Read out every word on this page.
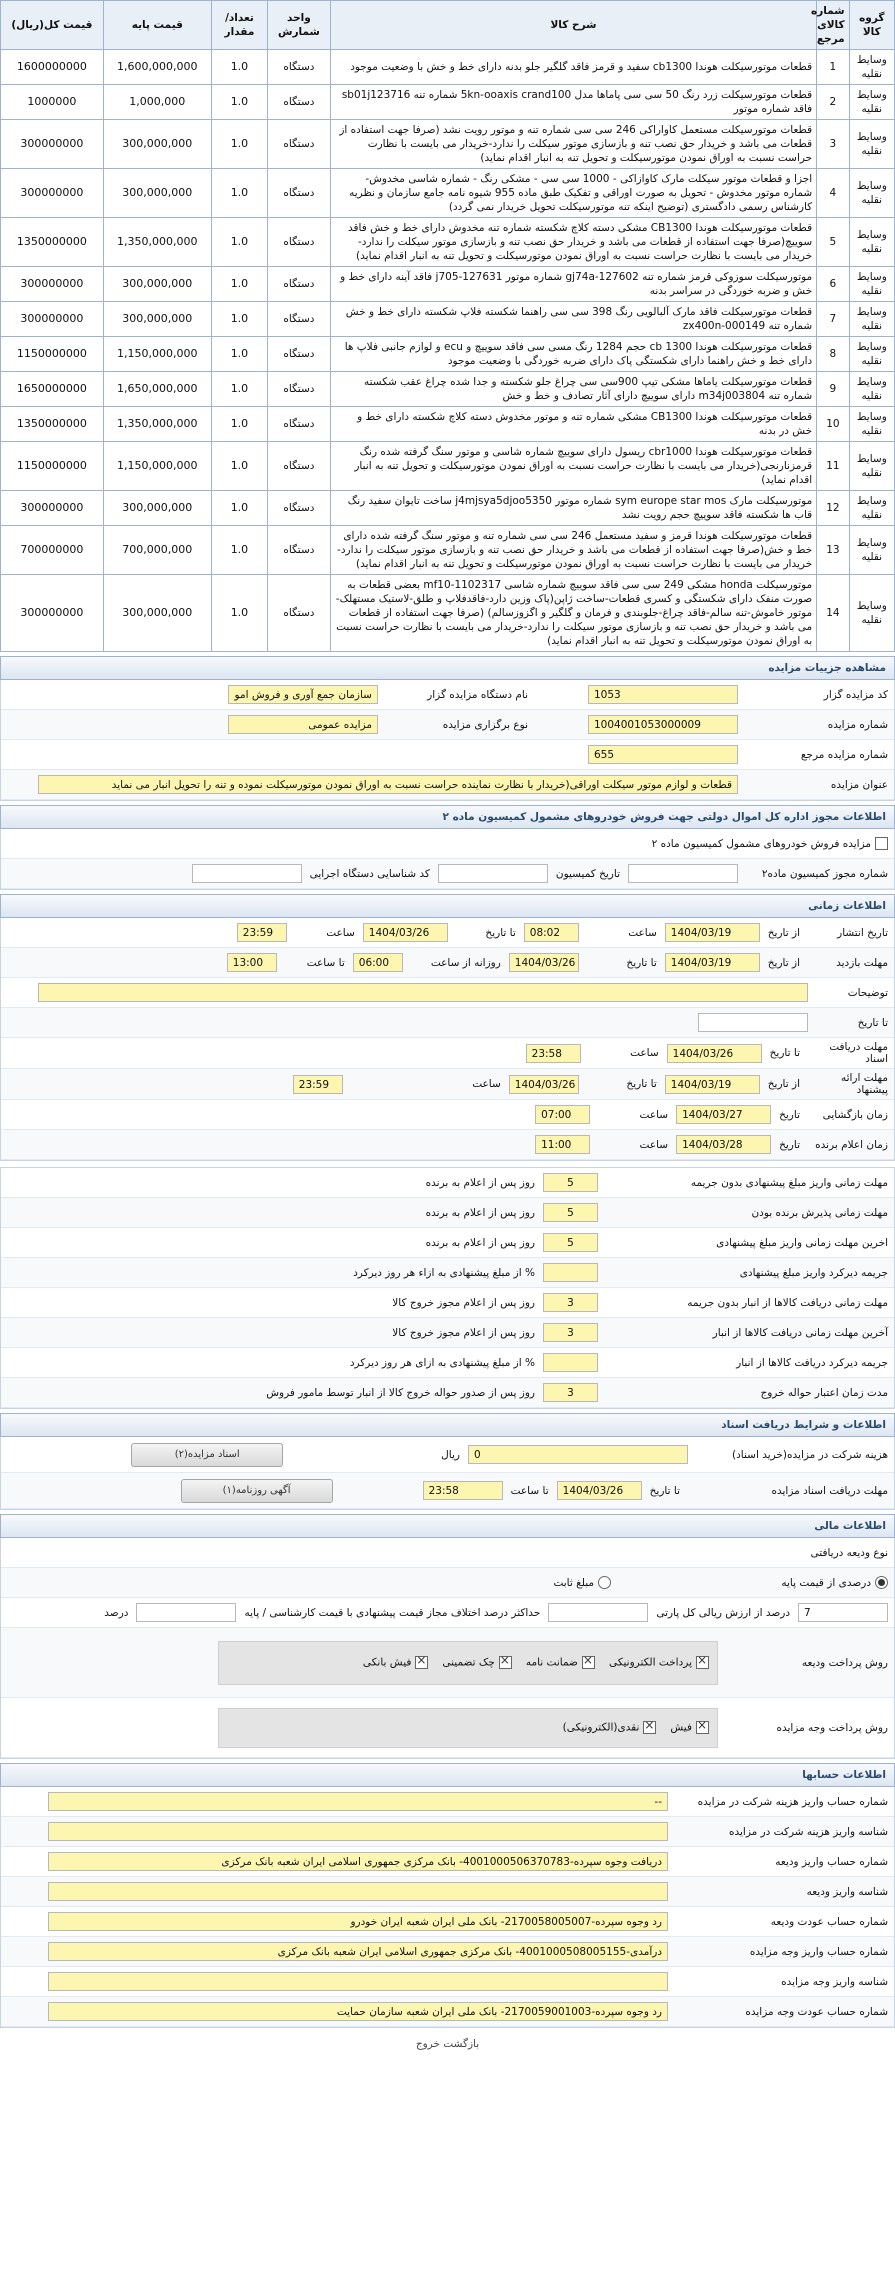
گروه کالا	شماره کالای مرجع	شرح کالا	واحد شمارش	تعداد/مقدار	قیمت پایه	قیمت کل(ریال)
وسایط نقلیه	1	قطعات موتورسیکلت هوندا cb1300 سفید و قرمز فاقد گلگیر جلو بدنه دارای خط و خش با وضعیت موجود	دستگاه	1.0	1,600,000,000	1600000000
وسایط نقلیه	2	قطعات موتورسیکلت زرد رنگ 50 سی سی پاماها مدل 5kn-ooaxis crand100 شماره تنه sb01j123716 فاقد شماره موتور	دستگاه	1.0	1,000,000	1000000
وسایط نقلیه	3	قطعات موتورسیکلت مستعمل کاواراکی 246 سی سی شماره تنه و موتور رویت نشد (صرفا جهت استفاده از قطعات می باشد و خریدار حق نصب تنه و بازسازی موتور سیکلت را ندارد-خریدار می بایست با نظارت حراست نسبت به اوراق نمودن موتورسیکلت و تحویل تنه به انبار اقدام نماید)	دستگاه	1.0	300,000,000	300000000
وسایط نقلیه	4	اجزا و قطعات موتور سیکلت مارک کاوازاکی - 1000 سی سی - مشکی رنگ - شماره شاسی مخدوش- شماره موتور مخدوش - تحویل به صورت اوراقی و تفکیک طبق ماده 955 شیوه نامه جامع سازمان و نظریه کارشناس رسمی دادگستری (توضیح اینکه تنه موتورسیکلت تحویل خریدار نمی گردد)	دستگاه	1.0	300,000,000	300000000
وسایط نقلیه	5	قطعات موتورسیکلت هوندا CB1300 مشکی دسته کلاچ شکسته شماره تنه مخدوش دارای خط و خش فاقد سوییچ(صرفا جهت استفاده از قطعات می باشد و خریدار حق نصب تنه و بازسازی موتور سیکلت را ندارد-خریدار می بایست با نظارت حراست نسبت به اوراق نمودن موتورسیکلت و تحویل تنه به انبار اقدام نماید)	دستگاه	1.0	1,350,000,000	1350000000
وسایط نقلیه	6	موتورسیکلت سوزوکی قرمز شماره تنه gj74a-127602 شماره موتور j705-127631 فاقد آینه دارای خط و خش و ضربه خوردگی در سراسر بدنه	دستگاه	1.0	300,000,000	300000000
وسایط نقلیه	7	قطعات موتورسیکلت فاقد مارک آلبالویی رنگ 398 سی سی راهنما شکسته فلاپ شکسته دارای خط و خش شماره تنه zx400n-000149	دستگاه	1.0	300,000,000	300000000
وسایط نقلیه	8	قطعات موتورسیکلت هوندا cb 1300 حجم 1284 رنگ مسی سی فاقد سوییچ و ecu و لوازم جانبی فلاپ ها دارای خط و خش راهنما دارای شکستگی پاک دارای ضربه خوردگی با وضعیت موجود	دستگاه	1.0	1,150,000,000	1150000000
وسایط نقلیه	9	قطعات موتورسیکلت یاماها مشکی تیپ 900سی سی چراغ جلو شکسته و جدا شده چراغ عقب شکسته شماره تنه m34j003804 دارای سوییچ دارای آثار تصادف و خط و خش	دستگاه	1.0	1,650,000,000	1650000000
وسایط نقلیه	10	قطعات موتورسیکلت هوندا CB1300 مشکی شماره تنه و موتور مخدوش دسته کلاچ شکسته دارای خط و خش در بدنه	دستگاه	1.0	1,350,000,000	1350000000
وسایط نقلیه	11	قطعات موتورسیکلت هوندا cbr1000 ریسول دارای سوییچ شماره شاسی و موتور سنگ گرفته شده رنگ قرمزنارنجی(خریدار می بایست با نظارت حراست نسبت به اوراق نمودن موتورسیکلت و تحویل تنه به انبار اقدام نماید)	دستگاه	1.0	1,150,000,000	1150000000
وسایط نقلیه	12	موتورسیکلت مارک sym europe star mos شماره موتور j4mjsya5djoo5350 ساخت تایوان سفید رنگ قاب ها شکسته فاقد سوییچ حجم رویت نشد	دستگاه	1.0	300,000,000	300000000
وسایط نقلیه	13	قطعات موتورسیکلت هوندا قرمز و سفید مستعمل 246 سی سی شماره تنه و موتور سنگ گرفته شده دارای خط و خش(صرفا جهت استفاده از قطعات می باشد و خریدار حق نصب تنه و بازسازی موتور سیکلت را ندارد-خریدار می بایست با نظارت حراست نسبت به اوراق نمودن موتورسیکلت و تحویل تنه به انبار اقدام نماید)	دستگاه	1.0	700,000,000	700000000
وسایط نقلیه	14	موتورسیکلت honda مشکی 249 سی سی فاقد سوییچ شماره شاسی mf10-1102317 بعضی قطعات به صورت منفک دارای شکستگی و کسری قطعات-ساخت ژاپن(پاک وزین دارد-فاقدفلاپ و طلق-لاستیک مستهلک-موتور خاموش-تنه سالم-فاقد چراغ-جلوبندی و فرمان و گلگیر و اگزوزسالم) (صرفا جهت استفاده از قطعات می باشد و خریدار حق نصب تنه و بازسازی موتور سیکلت را ندارد-خریدار می بایست با نظارت حراست نسبت به اوراق نمودن موتورسیکلت و تحویل تنه به انبار اقدام نماید)	دستگاه	1.0	300,000,000	300000000
مشاهده جزییات مزایده
کد مزایده گزار
1053
نام دستگاه مزایده گزار
سازمان جمع آوری و فروش امو
شماره مزایده
1004001053000009
نوع برگزاری مزایده
مزایده عمومی
شماره مزایده مرجع
655
عنوان مزایده
قطعات و لوازم موتور سیکلت اوراقی(خریدار با نظارت نماینده حراست نسبت به اوراق نمودن موتورسیکلت نموده و تنه را تحویل انبار می نماید
اطلاعات مجوز اداره کل اموال دولتی جهت فروش خودروهای مشمول کمیسیون ماده ۲
مزایده فروش خودروهای مشمول کمیسیون ماده ۲
شماره مجوز کمیسیون ماده۲
تاریخ کمیسیون
کد شناسایی دستگاه اجرایی
اطلاعات زمانی
تاریخ انتشار
از تاریخ
1404/03/19
ساعت
08:02
تا تاریخ
1404/03/26
ساعت
23:59
مهلت بازدید
از تاریخ
1404/03/19
تا تاریخ
1404/03/26
روزانه از ساعت
06:00
تا ساعت
13:00
توضیحات
تا تاریخ
مهلت دریافت اسناد
تا تاریخ
1404/03/26
ساعت
23:58
مهلت ارائه پیشنهاد
از تاریخ
1404/03/19
تا تاریخ
1404/03/26
ساعت
23:59
زمان بازگشایی
تاریخ
1404/03/27
ساعت
07:00
زمان اعلام برنده
تاریخ
1404/03/28
ساعت
11:00
مهلت زمانی واریز مبلغ پیشنهادی بدون جریمه
5
روز پس از اعلام به برنده
مهلت زمانی پذیرش برنده بودن
5
روز پس از اعلام به برنده
اخرین مهلت زمانی واریز مبلغ پیشنهادی
5
روز پس از اعلام به برنده
جریمه دیرکرد واریز مبلغ پیشنهادی
% از مبلغ پیشنهادی به ازاء هر روز دیرکرد
مهلت زمانی دریافت کالاها از انبار بدون جریمه
3
روز پس از اعلام مجوز خروج کالا
آخرین مهلت زمانی دریافت کالاها از انبار
3
روز پس از اعلام مجوز خروج کالا
جریمه دیرکرد دریافت کالاها از انبار
% از مبلغ پیشنهادی به ازای هر روز دیرکرد
مدت زمان اعتبار حواله خروج
3
روز پس از صدور حواله خروج کالا از انبار توسط مامور فروش
اطلاعات و شرایط دریافت اسناد
هزینه شرکت در مزایده(خرید اسناد)
0
ریال
اسناد مزایده(۲)
مهلت دریافت اسناد مزایده
تا تاریخ
1404/03/26
تا ساعت
23:58
آگهی روزنامه(۱)
اطلاعات مالی
نوع ودیعه دریافتی
درصدی از قیمت پایه
مبلغ ثابت
7
درصد از ارزش ریالی کل پارتی
حداکثر درصد اختلاف مجاز قیمت پیشنهادی با قیمت کارشناسی / پایه
درصد
روش پرداخت ودیعه
×پرداخت الکترونیکی
×ضمانت نامه
×چک تضمینی
×فیش بانکی
روش پرداخت وجه مزایده
×فیش
×نقدی(الکترونیکی)
اطلاعات حسابها
شماره حساب واریز هزینه شرکت در مزایده
--
شناسه واریز هزینه شرکت در مزایده
شماره حساب واریز ودیعه
دریافت وجوه سپرده-4001000506370783- بانک مرکزی جمهوری اسلامی ایران شعبه بانک مرکزی
شناسه واریز ودیعه
شماره حساب عودت ودیعه
رد وجوه سپرده-2170058005007- بانک ملی ایران شعبه ایران خودرو
شماره حساب واریز وجه مزایده
درآمدی-4001000508005155- بانک مرکزی جمهوری اسلامی ایران شعبه بانک مرکزی
شناسه واریز وجه مزایده
شماره حساب عودت وجه مزایده
رد وجوه سپرده-2170059001003- بانک ملی ایران شعبه سازمان حمایت
بازگشت خروج
